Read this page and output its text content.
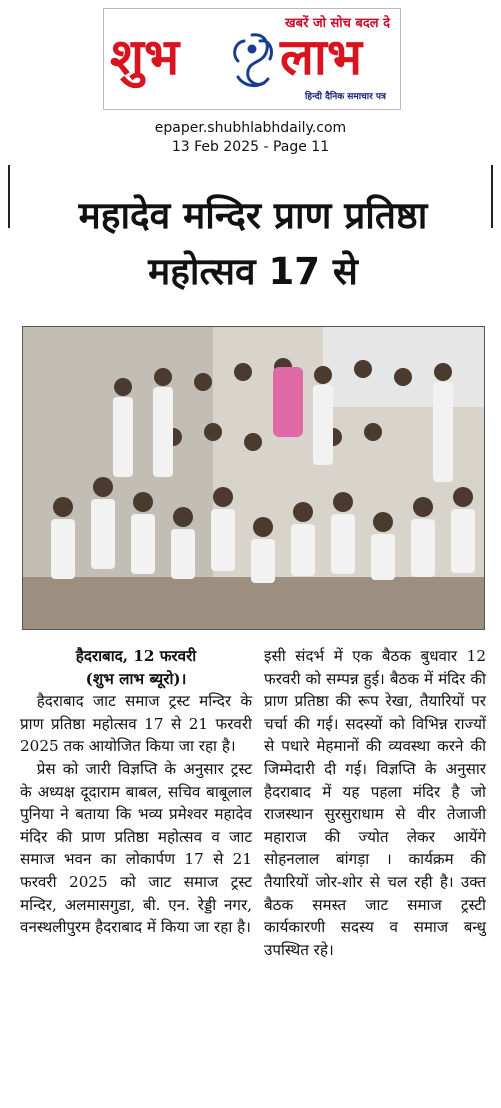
खबरें जो सोच बदल दे
शुभ लाभ
हिन्दी दैनिक समाचार पत्र
epaper.shubhlabhdaily.com
13 Feb 2025 - Page 11
महादेव मन्दिर प्राण प्रतिष्ठा
महोत्सव 17 से
हैदराबाद, 12 फरवरी
(शुभ लाभ ब्यूरो)।

हैदराबाद जाट समाज ट्रस्ट मन्दिर के प्राण प्रतिष्ठा महोत्सव 17 से 21 फरवरी 2025 तक आयोजित किया जा रहा है।

प्रेस को जारी विज्ञप्ति के अनुसार ट्रस्ट के अध्यक्ष दूदाराम बाबल, सचिव बाबूलाल पुनिया ने बताया कि भव्य प्रमेश्वर महादेव मंदिर की प्राण प्रतिष्ठा महोत्सव व जाट समाज भवन का लोकार्पण 17 से 21 फरवरी 2025 को जाट समाज ट्रस्ट मन्दिर, अलमासगुडा, बी. एन. रेड्डी नगर, वनस्थलीपुरम हैदराबाद में किया जा रहा है।

इसी संदर्भ में एक बैठक बुधवार 12 फरवरी को सम्पन्न हुई। बैठक में मंदिर की प्राण प्रतिष्ठा की रूप रेखा, तैयारियों पर चर्चा की गई। सदस्यों को विभिन्न राज्यों से पधारे मेहमानों की व्यवस्था करने की जिम्मेदारी दी गई। विज्ञप्ति के अनुसार हैदराबाद में यह पहला मंदिर है जो राजस्थान सुरसुराधाम से वीर तेजाजी महाराज की ज्योत लेकर आयेंगे सोहनलाल बांगड़ा । कार्यक्रम की तैयारियों जोर-शोर से चल रही है। उक्त बैठक समस्त जाट समाज ट्रस्टी कार्यकारणी सदस्य व समाज बन्धु उपस्थित रहे।
